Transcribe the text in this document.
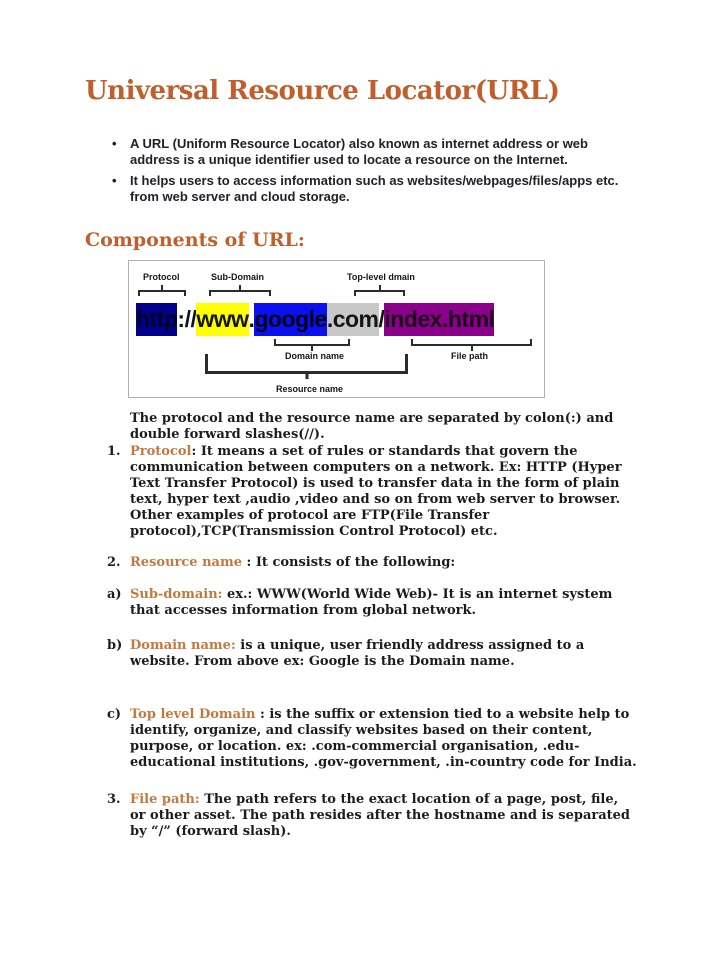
Universal Resource Locator(URL)
• A URL (Uniform Resource Locator) also known as internet address or web address is a unique identifier used to locate a resource on the Internet.
• It helps users to access information such as websites/webpages/files/apps etc. from web server and cloud storage.
Components of URL:
Protocol	Sub-Domain	Top-level dmain
http :// www . google .com / index.html
Domain name	File path
Resource name

The protocol and the resource name are separated by colon(:) and double forward slashes(//).

1. Protocol: It means a set of rules or standards that govern the communication between computers on a network. Ex: HTTP (Hyper Text Transfer Protocol) is used to transfer data in the form of plain text, hyper text ,audio ,video and so on from web server to browser. Other examples of protocol are FTP(File Transfer protocol),TCP(Transmission Control Protocol) etc.
2. Resource name : It consists of the following:
a) Sub-domain: ex.: WWW(World Wide Web)- It is an internet system that accesses information from global network.
b) Domain name: is a unique, user friendly address assigned to a website. From above ex: Google is the Domain name.
c) Top level Domain : is the suffix or extension tied to a website help to identify, organize, and classify websites based on their content, purpose, or location. ex: .com-commercial organisation, .edu-educational institutions, .gov-government, .in-country code for India.
3. File path: The path refers to the exact location of a page, post, file, or other asset. The path resides after the hostname and is separated by “/” (forward slash).
